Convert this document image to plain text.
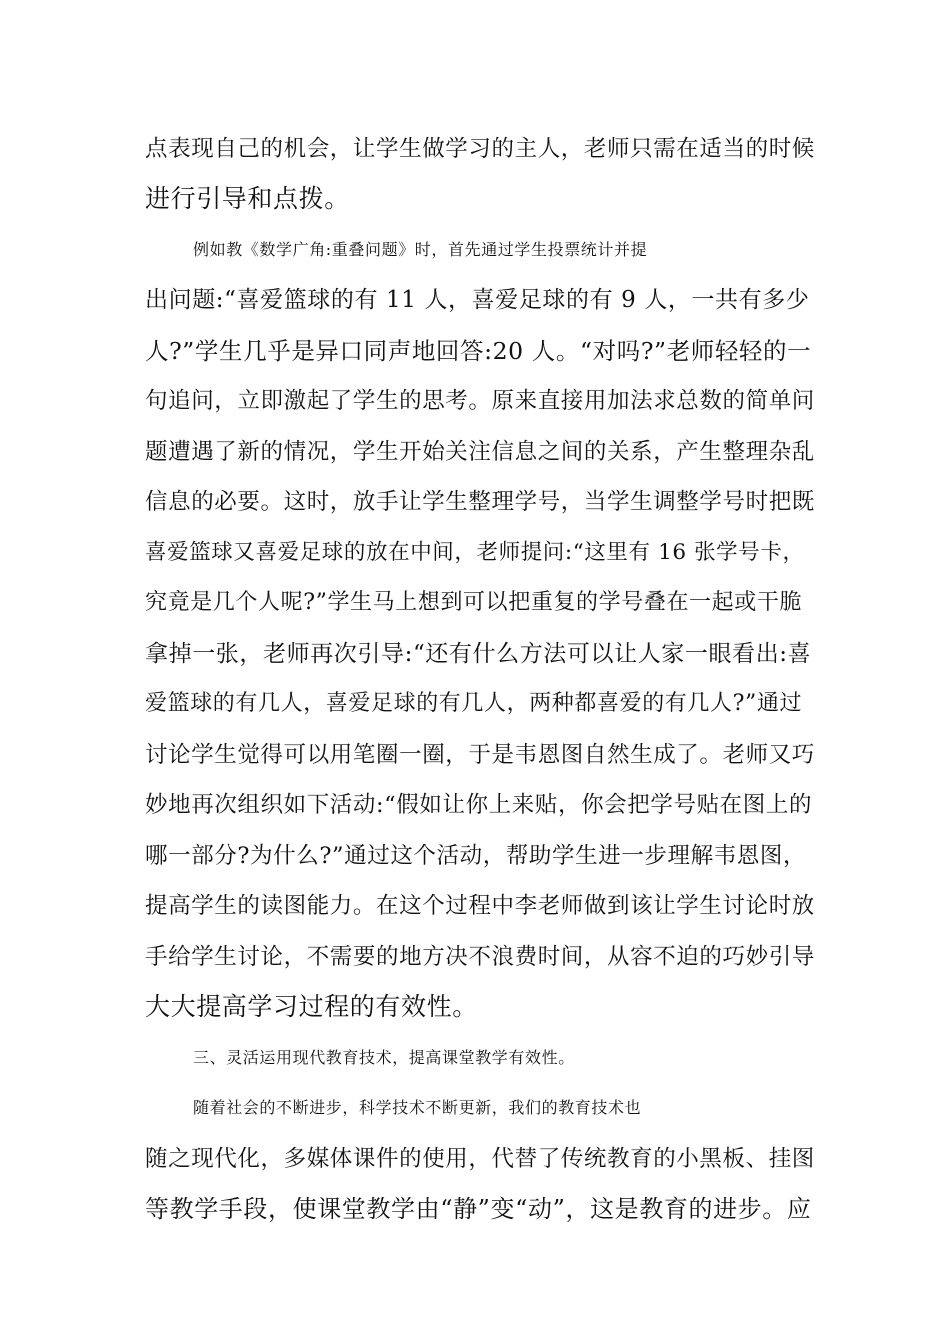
点表现自己的机会，让学生做学习的主人，老师只需在适当的时候
进行引导和点拨。
例如教《数学广角:重叠问题》时，首先通过学生投票统计并提
出问题:“喜爱篮球的有 11 人，喜爱足球的有 9 人，一共有多少
人?”学生几乎是异口同声地回答:20 人。“对吗?”老师轻轻的一
句追问，立即激起了学生的思考。原来直接用加法求总数的简单问
题遭遇了新的情况，学生开始关注信息之间的关系，产生整理杂乱
信息的必要。这时，放手让学生整理学号，当学生调整学号时把既
喜爱篮球又喜爱足球的放在中间，老师提问:“这里有 16 张学号卡，
究竟是几个人呢?”学生马上想到可以把重复的学号叠在一起或干脆
拿掉一张，老师再次引导:“还有什么方法可以让人家一眼看出:喜
爱篮球的有几人，喜爱足球的有几人，两种都喜爱的有几人?”通过
讨论学生觉得可以用笔圈一圈，于是韦恩图自然生成了。老师又巧
妙地再次组织如下活动:“假如让你上来贴，你会把学号贴在图上的
哪一部分?为什么?”通过这个活动，帮助学生进一步理解韦恩图，
提高学生的读图能力。在这个过程中李老师做到该让学生讨论时放
手给学生讨论，不需要的地方决不浪费时间，从容不迫的巧妙引导
大大提高学习过程的有效性。
三、灵活运用现代教育技术，提高课堂教学有效性。
随着社会的不断进步，科学技术不断更新，我们的教育技术也
随之现代化，多媒体课件的使用，代替了传统教育的小黑板、挂图
等教学手段，使课堂教学由“静”变“动”，这是教育的进步。应
